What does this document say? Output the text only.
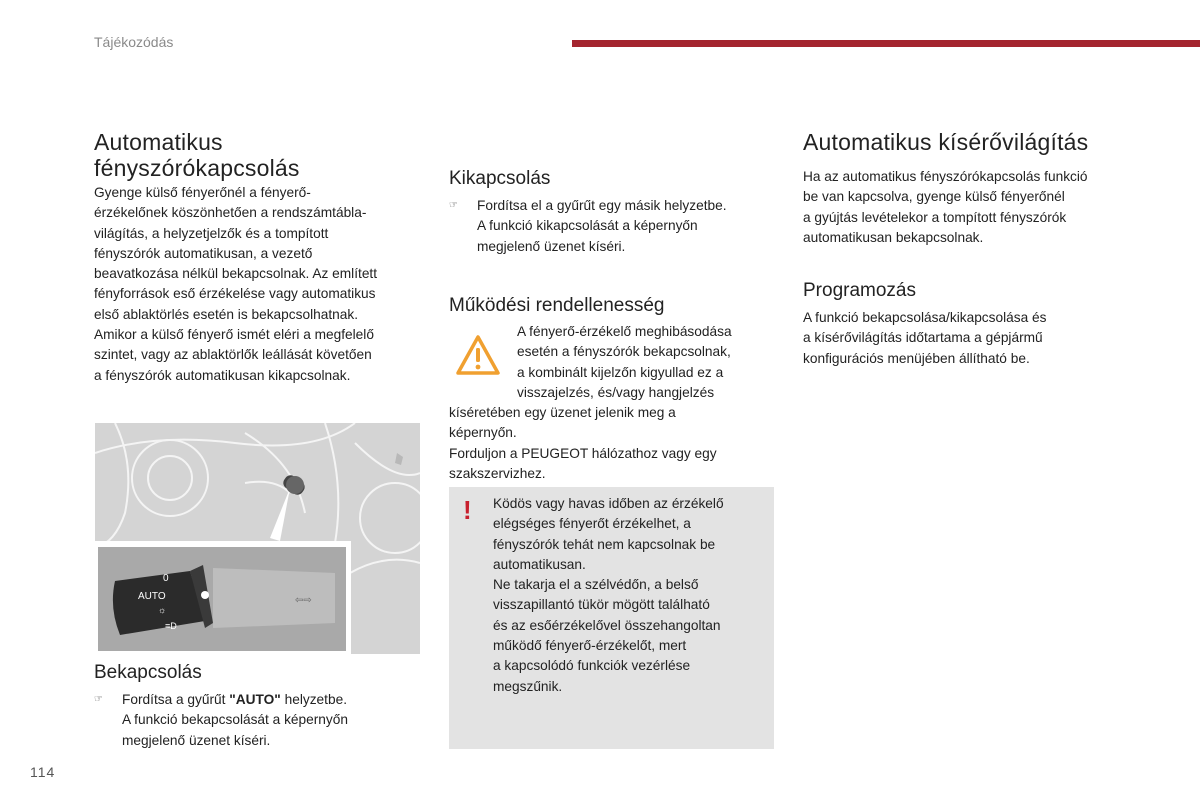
Tájékozódás
Automatikus
fényszórókapcsolás
Gyenge külső fényerőnél a fényerő-
érzékelőnek köszönhetően a rendszámtábla-
világítás, a helyzetjelzők és a tompított
fényszórók automatikusan, a vezető
beavatkozása nélkül bekapcsolnak. Az említett
fényforrások eső érzékelése vagy automatikus
első ablaktörlés esetén is bekapcsolhatnak.
Amikor a külső fényerő ismét eléri a megfelelő
szintet, vagy az ablaktörlők leállását követően
a fényszórók automatikusan kikapcsolnak.
0
AUTO
☼
≡D
⇦⇨
Bekapcsolás
☞ Fordítsa a gyűrűt "AUTO" helyzetbe.
A funkció bekapcsolását a képernyőn
megjelenő üzenet kíséri.
Kikapcsolás
☞ Fordítsa el a gyűrűt egy másik helyzetbe.
A funkció kikapcsolását a képernyőn
megjelenő üzenet kíséri.
Működési rendellenesség
A fényerő-érzékelő meghibásodása
esetén a fényszórók bekapcsolnak,
a kombinált kijelzőn kigyullad ez a
visszajelzés, és/vagy hangjelzés
kíséretében egy üzenet jelenik meg a
képernyőn.
Forduljon a PEUGEOT hálózathoz vagy egy
szakszervizhez.
! Ködös vagy havas időben az érzékelő
elégséges fényerőt érzékelhet, a
fényszórók tehát nem kapcsolnak be
automatikusan.
Ne takarja el a szélvédőn, a belső
visszapillantó tükör mögött található
és az esőérzékelővel összehangoltan
működő fényerő-érzékelőt, mert
a kapcsolódó funkciók vezérlése
megszűnik.
Automatikus kísérővilágítás
Ha az automatikus fényszórókapcsolás funkció
be van kapcsolva, gyenge külső fényerőnél
a gyújtás levételekor a tompított fényszórók
automatikusan bekapcsolnak.
Programozás
A funkció bekapcsolása/kikapcsolása és
a kísérővilágítás időtartama a gépjármű
konfigurációs menüjében állítható be.
114
